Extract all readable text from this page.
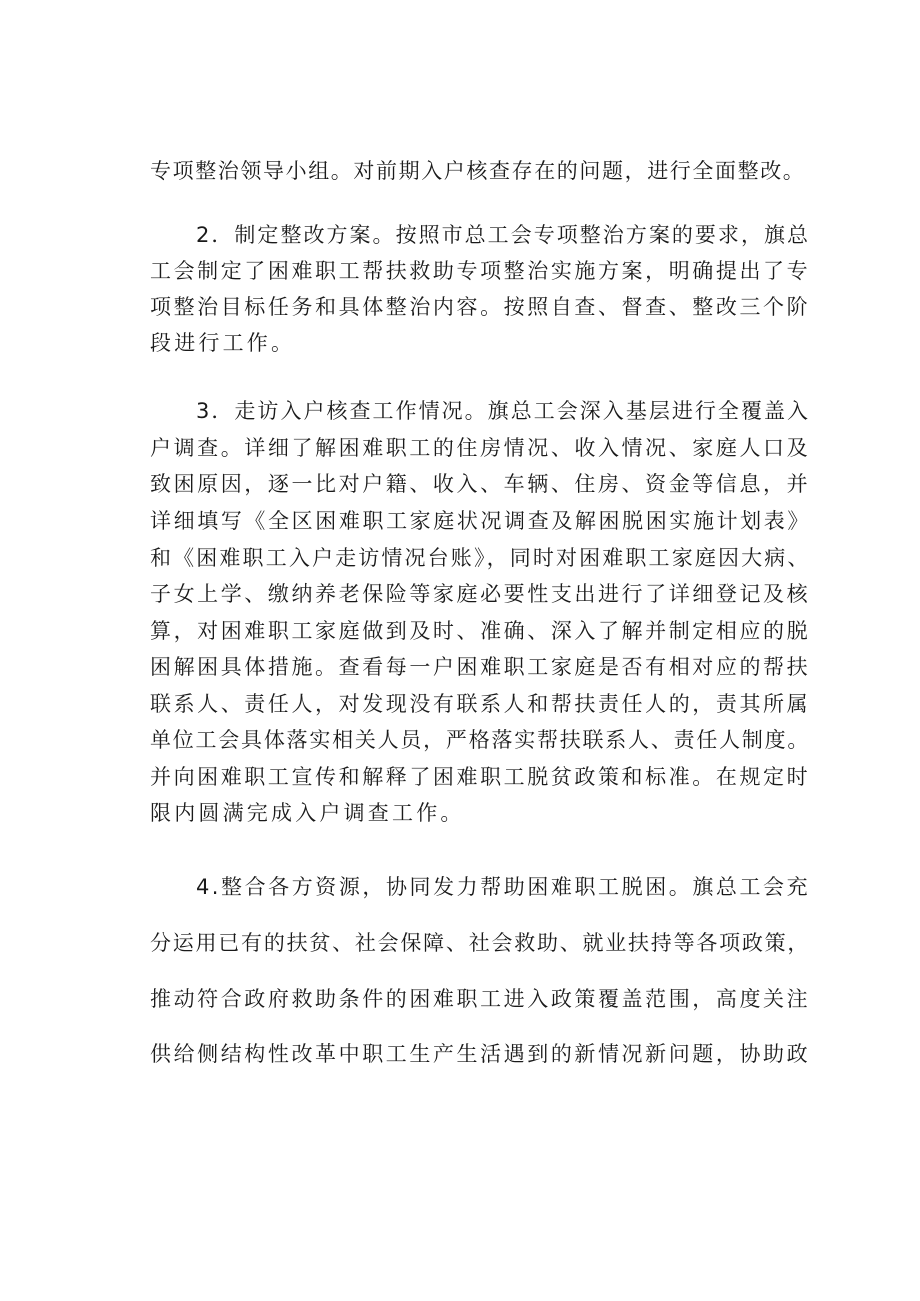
专项整治领导小组。对前期入户核查存在的问题，进行全面整改。
2．制定整改方案。按照市总工会专项整治方案的要求，旗总
工会制定了困难职工帮扶救助专项整治实施方案，明确提出了专
项整治目标任务和具体整治内容。按照自查、督查、整改三个阶
段进行工作。
3．走访入户核查工作情况。旗总工会深入基层进行全覆盖入
户调查。详细了解困难职工的住房情况、收入情况、家庭人口及
致困原因，逐一比对户籍、收入、车辆、住房、资金等信息，并
详细填写《全区困难职工家庭状况调查及解困脱困实施计划表》
和《困难职工入户走访情况台账》，同时对困难职工家庭因大病、
子女上学、缴纳养老保险等家庭必要性支出进行了详细登记及核
算，对困难职工家庭做到及时、准确、深入了解并制定相应的脱
困解困具体措施。查看每一户困难职工家庭是否有相对应的帮扶
联系人、责任人，对发现没有联系人和帮扶责任人的，责其所属
单位工会具体落实相关人员，严格落实帮扶联系人、责任人制度。
并向困难职工宣传和解释了困难职工脱贫政策和标准。在规定时
限内圆满完成入户调查工作。
4.整合各方资源，协同发力帮助困难职工脱困。旗总工会充
分运用已有的扶贫、社会保障、社会救助、就业扶持等各项政策，
推动符合政府救助条件的困难职工进入政策覆盖范围，高度关注
供给侧结构性改革中职工生产生活遇到的新情况新问题，协助政
